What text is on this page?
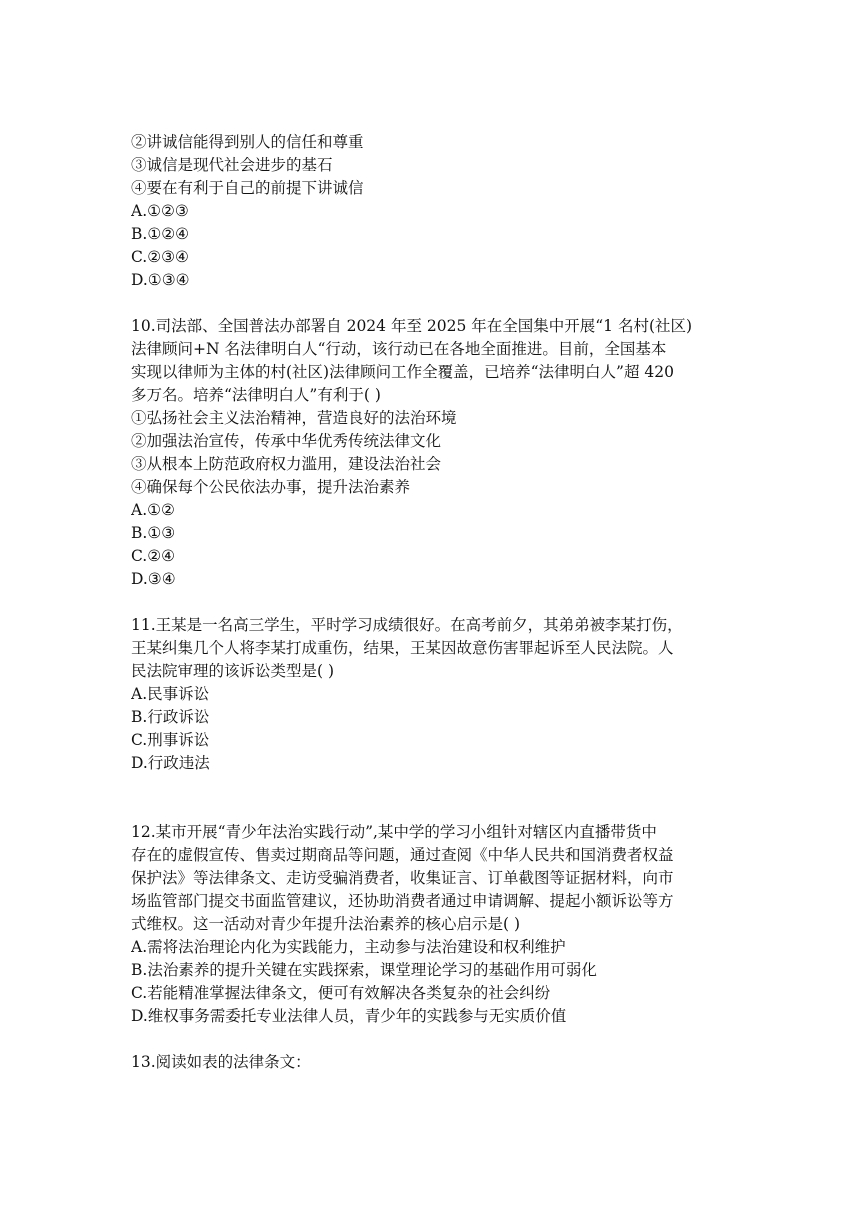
②讲诚信能得到别人的信任和尊重
③诚信是现代社会进步的基石
④要在有利于自己的前提下讲诚信
A.①②③
B.①②④
C.②③④
D.①③④
10.司法部、全国普法办部署自 2024 年至 2025 年在全国集中开展“1 名村(社区)
法律顾问+N 名法律明白人“行动，该行动已在各地全面推进。目前，全国基本
实现以律师为主体的村(社区)法律顾问工作全覆盖，已培养“法律明白人”超 420
多万名。培养“法律明白人”有利于( )
①弘扬社会主义法治精神，营造良好的法治环境
②加强法治宣传，传承中华优秀传统法律文化
③从根本上防范政府权力滥用，建设法治社会
④确保每个公民依法办事，提升法治素养
A.①②
B.①③
C.②④
D.③④
11.王某是一名高三学生，平时学习成绩很好。在高考前夕，其弟弟被李某打伤，
王某纠集几个人将李某打成重伤，结果，王某因故意伤害罪起诉至人民法院。人
民法院审理的该诉讼类型是( )
A.民事诉讼
B.行政诉讼
C.刑事诉讼
D.行政违法
12.某市开展“青少年法治实践行动”,某中学的学习小组针对辖区内直播带货中
存在的虚假宣传、售卖过期商品等问题，通过查阅《中华人民共和国消费者权益
保护法》等法律条文、走访受骗消费者，收集证言、订单截图等证据材料，向市
场监管部门提交书面监管建议，还协助消费者通过申请调解、提起小额诉讼等方
式维权。这一活动对青少年提升法治素养的核心启示是( )
A.需将法治理论内化为实践能力，主动参与法治建设和权利维护
B.法治素养的提升关键在实践探索，课堂理论学习的基础作用可弱化
C.若能精准掌握法律条文，便可有效解决各类复杂的社会纠纷
D.维权事务需委托专业法律人员，青少年的实践参与无实质价值
13.阅读如表的法律条文：
